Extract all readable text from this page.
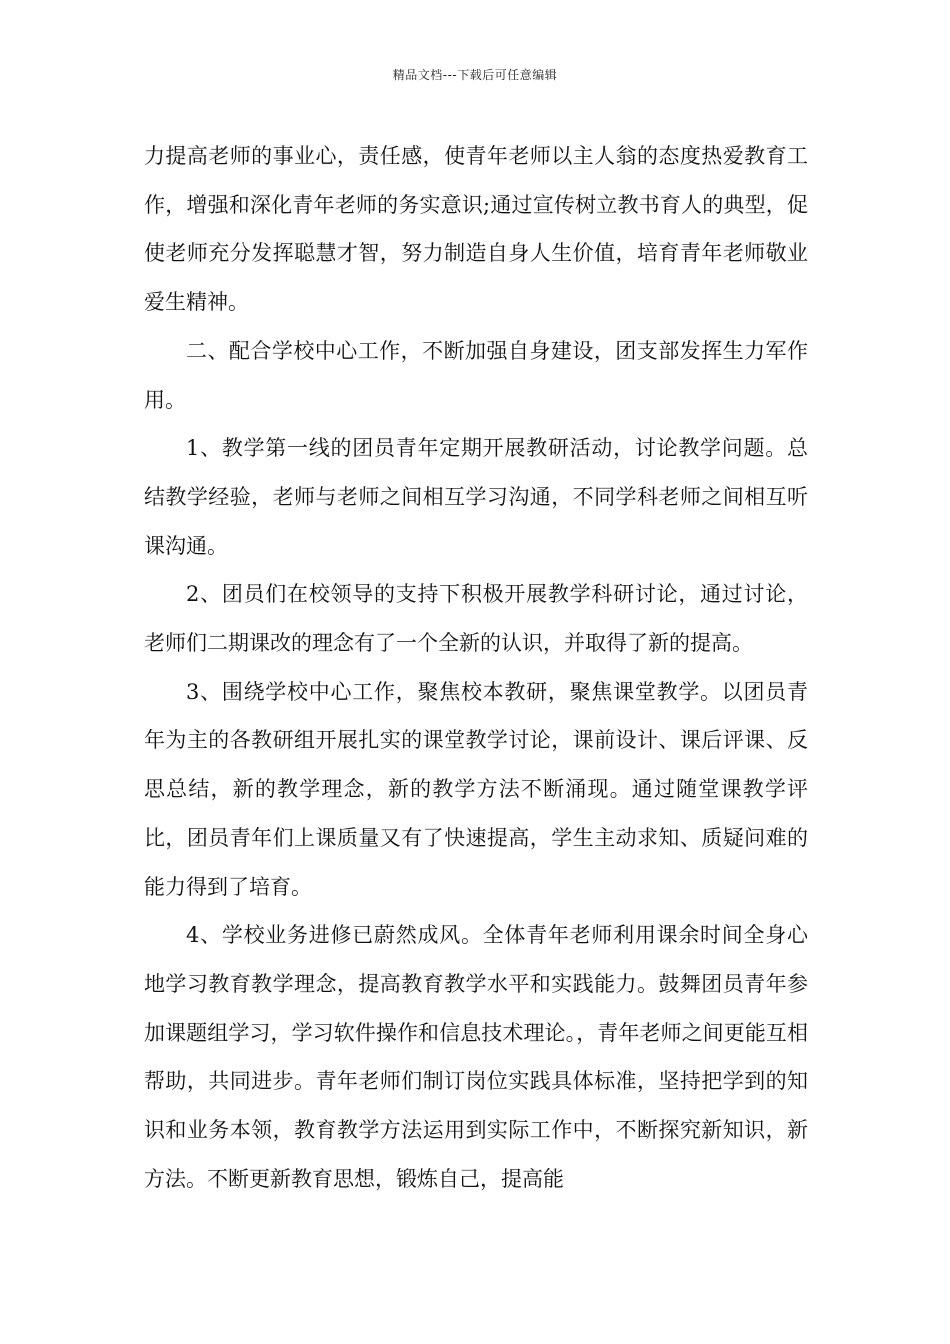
精品文档---下载后可任意编辑

力提高老师的事业心，责任感，使青年老师以主人翁的态度热爱教育工作，增强和深化青年老师的务实意识;通过宣传树立教书育人的典型，促使老师充分发挥聪慧才智，努力制造自身人生价值，培育青年老师敬业爱生精神。

二、配合学校中心工作，不断加强自身建设，团支部发挥生力军作用。

1、教学第一线的团员青年定期开展教研活动，讨论教学问题。总结教学经验，老师与老师之间相互学习沟通，不同学科老师之间相互听课沟通。

2、团员们在校领导的支持下积极开展教学科研讨论，通过讨论，老师们二期课改的理念有了一个全新的认识，并取得了新的提高。

3、围绕学校中心工作，聚焦校本教研，聚焦课堂教学。以团员青年为主的各教研组开展扎实的课堂教学讨论，课前设计、课后评课、反思总结，新的教学理念，新的教学方法不断涌现。通过随堂课教学评比，团员青年们上课质量又有了快速提高，学生主动求知、质疑问难的能力得到了培育。

4、学校业务进修已蔚然成风。全体青年老师利用课余时间全身心地学习教育教学理念，提高教育教学水平和实践能力。鼓舞团员青年参加课题组学习，学习软件操作和信息技术理论。，青年老师之间更能互相帮助，共同进步。青年老师们制订岗位实践具体标准，坚持把学到的知识和业务本领，教育教学方法运用到实际工作中，不断探究新知识，新方法。不断更新教育思想，锻炼自己，提高能
